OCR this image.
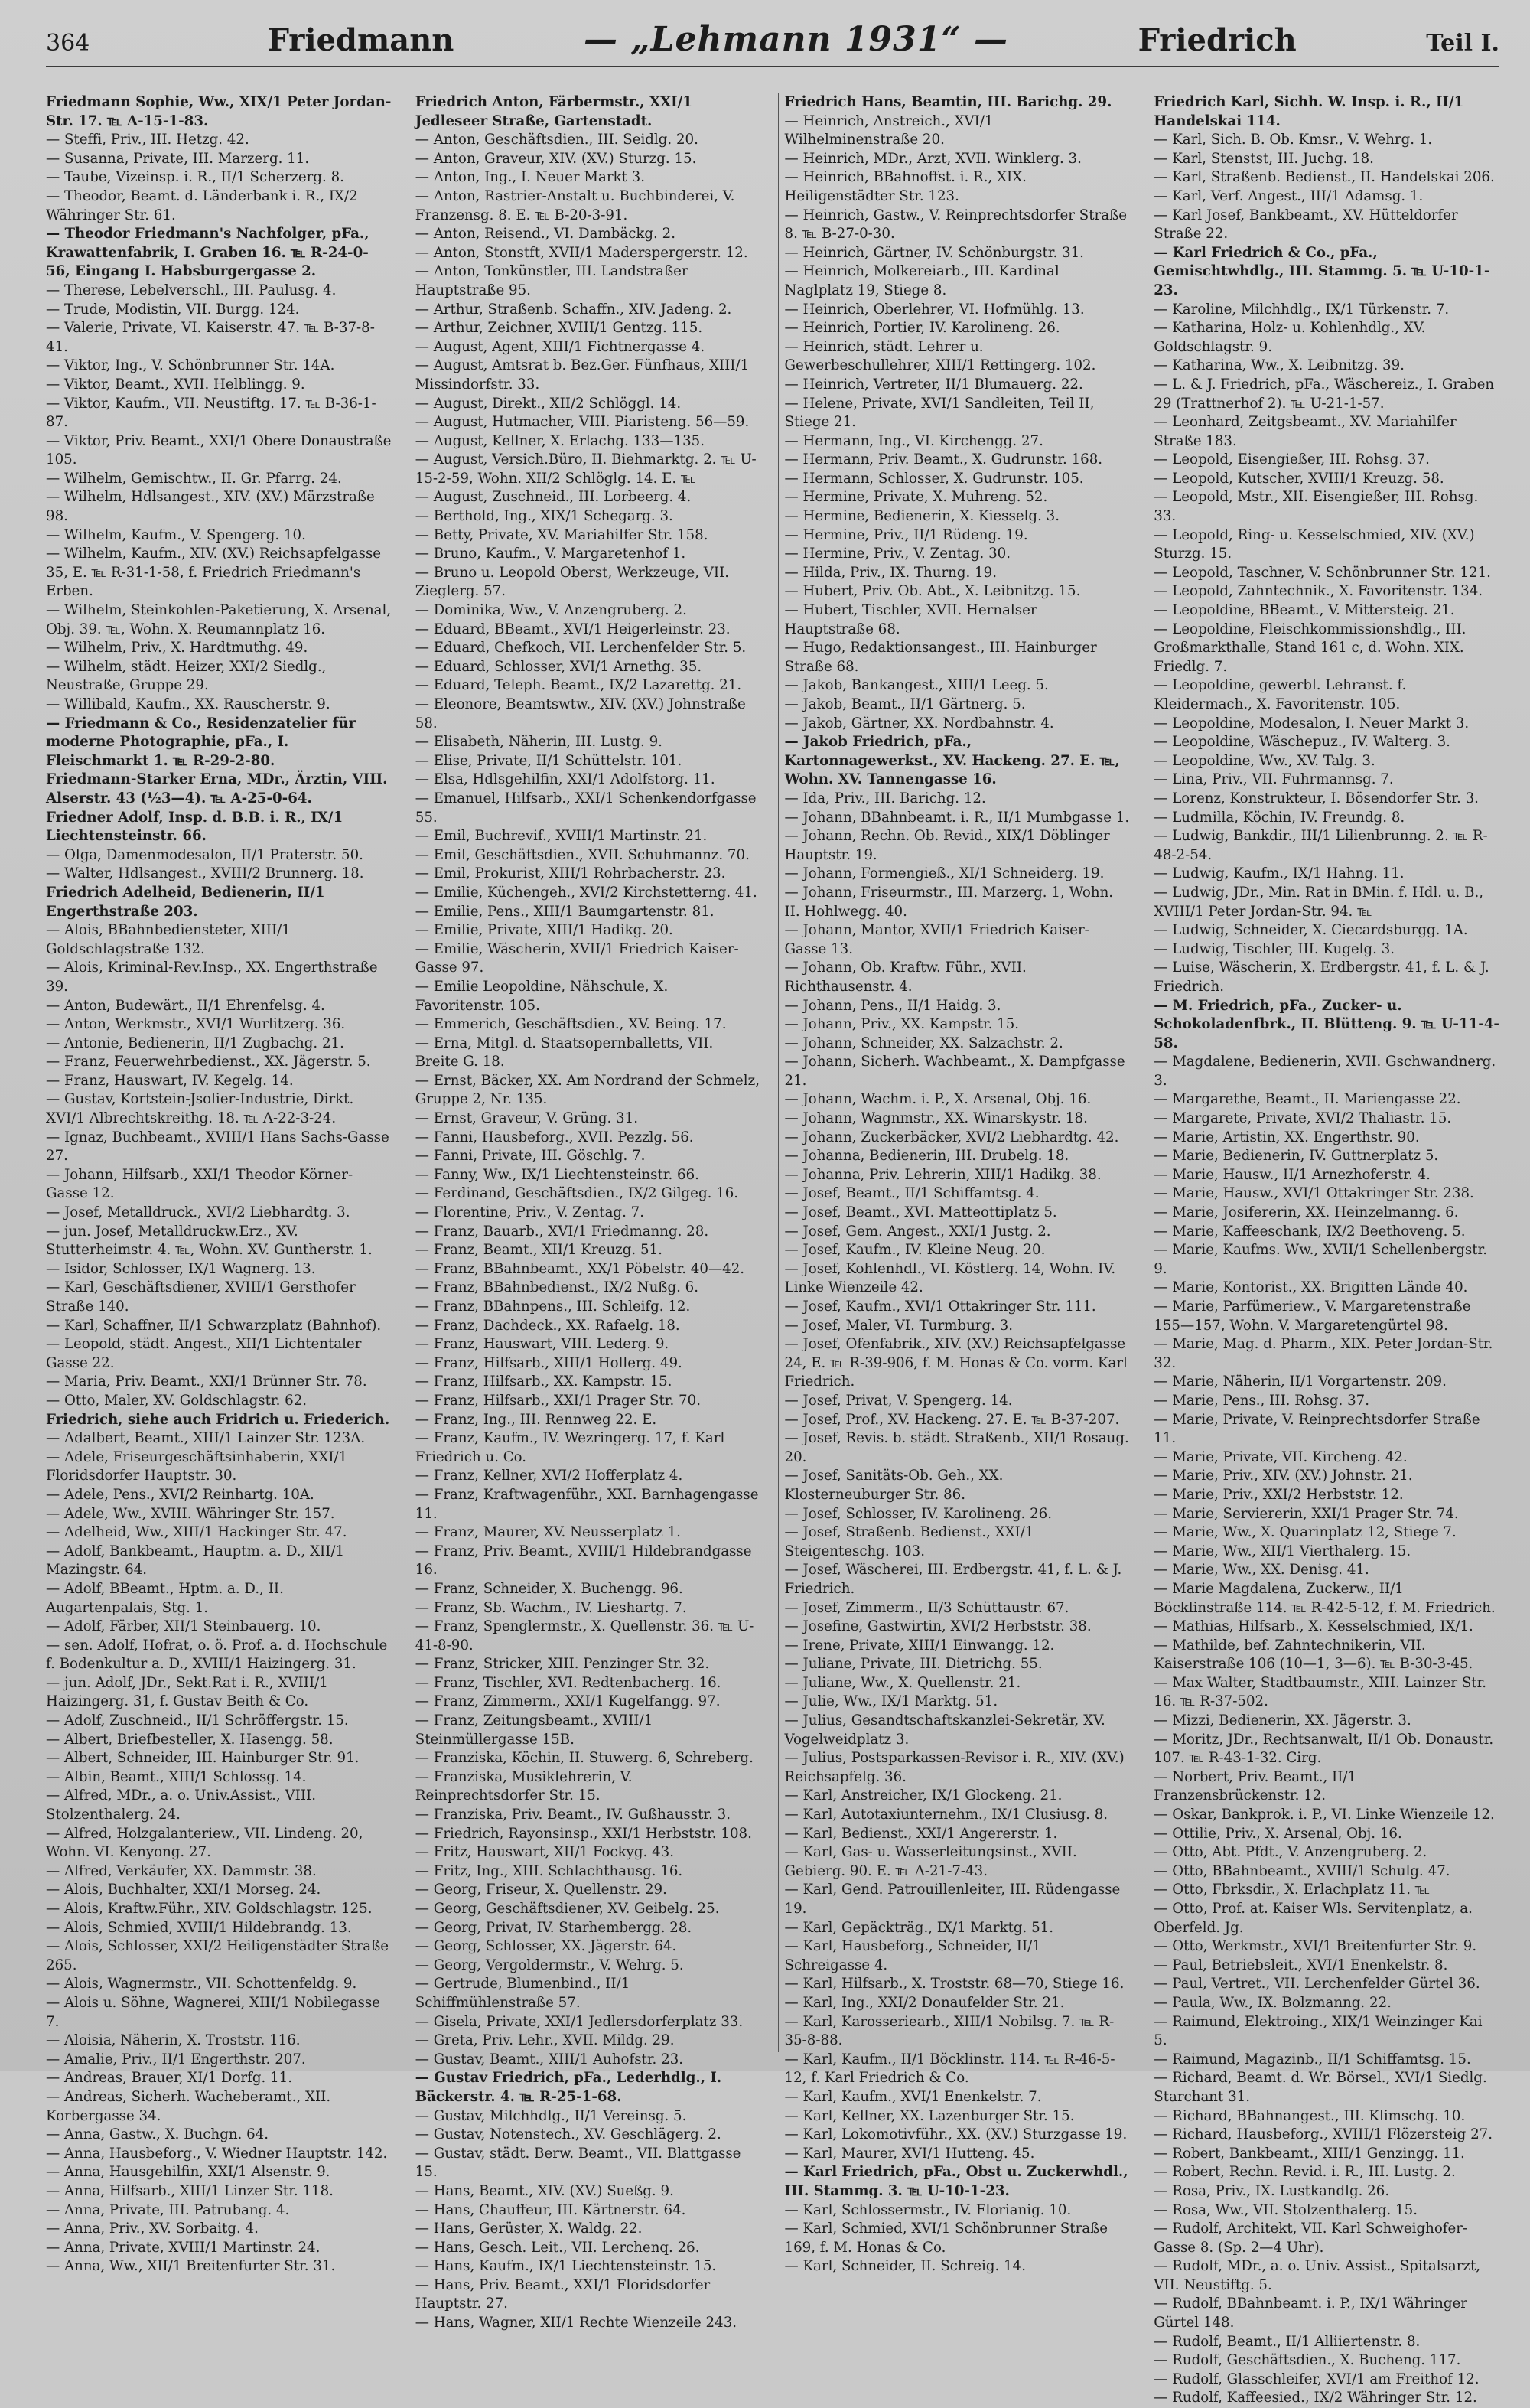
364	Friedmann	— „Lehmann 1931“ —	Friedrich	Teil I.

Friedmann Sophie, Ww., XIX/1 Peter Jordan-Str. 17. ℡ A-15-1-83.

— Steffi, Priv., III. Hetzg. 42.

— Susanna, Private, III. Marzerg. 11.

— Taube, Vizeinsp. i. R., II/1 Scherzerg. 8.

— Theodor, Beamt. d. Länderbank i. R., IX/2 Währinger Str. 61.

— Theodor Friedmann's Nachfolger, pFa., Krawattenfabrik, I. Graben 16. ℡ R-24-0-56, Eingang I. Habsburgergasse 2.

— Therese, Lebelverschl., III. Paulusg. 4.

— Trude, Modistin, VII. Burgg. 124.

— Valerie, Private, VI. Kaiserstr. 47. ℡ B-37-8-41.

— Viktor, Ing., V. Schönbrunner Str. 14A.

— Viktor, Beamt., XVII. Helblingg. 9.

— Viktor, Kaufm., VII. Neustiftg. 17. ℡ B-36-1-87.

— Viktor, Priv. Beamt., XXI/1 Obere Donaustraße 105.

— Wilhelm, Gemischtw., II. Gr. Pfarrg. 24.

— Wilhelm, Hdlsangest., XIV. (XV.) Märzstraße 98.

— Wilhelm, Kaufm., V. Spengerg. 10.

— Wilhelm, Kaufm., XIV. (XV.) Reichsapfelgasse 35, E. ℡ R-31-1-58, f. Friedrich Friedmann's Erben.

— Wilhelm, Steinkohlen-Paketierung, X. Arsenal, Obj. 39. ℡, Wohn. X. Reumannplatz 16.

— Wilhelm, Priv., X. Hardtmuthg. 49.

— Wilhelm, städt. Heizer, XXI/2 Siedlg., Neustraße, Gruppe 29.

— Willibald, Kaufm., XX. Rauscherstr. 9.

— Friedmann & Co., Residenzatelier für moderne Photographie, pFa., I. Fleischmarkt 1. ℡ R-29-2-80.

Friedmann-Starker Erna, MDr., Ärztin, VIII. Alserstr. 43 (½3—4). ℡ A-25-0-64.

Friedner Adolf, Insp. d. B.B. i. R., IX/1 Liechtensteinstr. 66.

— Olga, Damenmodesalon, II/1 Praterstr. 50.

— Walter, Hdlsangest., XVIII/2 Brunnerg. 18.

Friedrich Adelheid, Bedienerin, II/1 Engerthstraße 203.

— Alois, BBahnbediensteter, XIII/1 Goldschlagstraße 132.

— Alois, Kriminal-Rev.Insp., XX. Engerthstraße 39.

— Anton, Budewärt., II/1 Ehrenfelsg. 4.

— Anton, Werkmstr., XVI/1 Wurlitzerg. 36.

— Antonie, Bedienerin, II/1 Zugbachg. 21.

— Franz, Feuerwehrbedienst., XX. Jägerstr. 5.

— Franz, Hauswart, IV. Kegelg. 14.

— Gustav, Kortstein-Jsolier-Industrie, Dirkt. XVI/1 Albrechtskreithg. 18. ℡ A-22-3-24.

— Ignaz, Buchbeamt., XVIII/1 Hans Sachs-Gasse 27.

— Johann, Hilfsarb., XXI/1 Theodor Körner-Gasse 12.

— Josef, Metalldruck., XVI/2 Liebhardtg. 3.

— jun. Josef, Metalldruckw.Erz., XV. Stutterheimstr. 4. ℡, Wohn. XV. Guntherstr. 1.

— Isidor, Schlosser, IX/1 Wagnerg. 13.

— Karl, Geschäftsdiener, XVIII/1 Gersthofer Straße 140.

— Karl, Schaffner, II/1 Schwarzplatz (Bahnhof).

— Leopold, städt. Angest., XII/1 Lichtentaler Gasse 22.

— Maria, Priv. Beamt., XXI/1 Brünner Str. 78.

— Otto, Maler, XV. Goldschlagstr. 62.

Friedrich, siehe auch Fridrich u. Friederich.

— Adalbert, Beamt., XIII/1 Lainzer Str. 123A.

— Adele, Friseurgeschäftsinhaberin, XXI/1 Floridsdorfer Hauptstr. 30.

— Adele, Pens., XVI/2 Reinhartg. 10A.

— Adele, Ww., XVIII. Währinger Str. 157.

— Adelheid, Ww., XIII/1 Hackinger Str. 47.

— Adolf, Bankbeamt., Hauptm. a. D., XII/1 Mazingstr. 64.

— Adolf, BBeamt., Hptm. a. D., II. Augartenpalais, Stg. 1.

— Adolf, Färber, XII/1 Steinbauerg. 10.

— sen. Adolf, Hofrat, o. ö. Prof. a. d. Hochschule f. Bodenkultur a. D., XVIII/1 Haizingerg. 31.

— jun. Adolf, JDr., Sekt.Rat i. R., XVIII/1 Haizingerg. 31, f. Gustav Beith & Co.

— Adolf, Zuschneid., II/1 Schröffergstr. 15.

— Albert, Briefbesteller, X. Hasengg. 58.

— Albert, Schneider, III. Hainburger Str. 91.

— Albin, Beamt., XIII/1 Schlossg. 14.

— Alfred, MDr., a. o. Univ.Assist., VIII. Stolzenthalerg. 24.

— Alfred, Holzgalanteriew., VII. Lindeng. 20, Wohn. VI. Kenyong. 27.

— Alfred, Verkäufer, XX. Dammstr. 38.

— Alois, Buchhalter, XXI/1 Morseg. 24.

— Alois, Kraftw.Führ., XIV. Goldschlagstr. 125.

— Alois, Schmied, XVIII/1 Hildebrandg. 13.

— Alois, Schlosser, XXI/2 Heiligenstädter Straße 265.

— Alois, Wagnermstr., VII. Schottenfeldg. 9.

— Alois u. Söhne, Wagnerei, XIII/1 Nobilegasse 7.

— Aloisia, Näherin, X. Troststr. 116.

— Amalie, Priv., II/1 Engerthstr. 207.

— Andreas, Brauer, XI/1 Dorfg. 11.

— Andreas, Sicherh. Wacheberamt., XII. Korbergasse 34.

— Anna, Gastw., X. Buchgn. 64.

— Anna, Hausbeforg., V. Wiedner Hauptstr. 142.

— Anna, Hausgehilfin, XXI/1 Alsenstr. 9.

— Anna, Hilfsarb., XIII/1 Linzer Str. 118.

— Anna, Private, III. Patrubang. 4.

— Anna, Priv., XV. Sorbaitg. 4.

— Anna, Private, XVIII/1 Martinstr. 24.

— Anna, Ww., XII/1 Breitenfurter Str. 31.

Friedrich Anton, Färbermstr., XXI/1 Jedleseer Straße, Gartenstadt.

— Anton, Geschäftsdien., III. Seidlg. 20.

— Anton, Graveur, XIV. (XV.) Sturzg. 15.

— Anton, Ing., I. Neuer Markt 3.

— Anton, Rastrier-Anstalt u. Buchbinderei, V. Franzensg. 8. E. ℡ B-20-3-91.

— Anton, Reisend., VI. Dambäckg. 2.

— Anton, Stonstft, XVII/1 Maderspergerstr. 12.

— Anton, Tonkünstler, III. Landstraßer Hauptstraße 95.

— Arthur, Straßenb. Schaffn., XIV. Jadeng. 2.

— Arthur, Zeichner, XVIII/1 Gentzg. 115.

— August, Agent, XIII/1 Fichtnergasse 4.

— August, Amtsrat b. Bez.Ger. Fünfhaus, XIII/1 Missindorfstr. 33.

— August, Direkt., XII/2 Schlöggl. 14.

— August, Hutmacher, VIII. Piaristeng. 56—59.

— August, Kellner, X. Erlachg. 133—135.

— August, Versich.Büro, II. Biehmarktg. 2. ℡ U-15-2-59, Wohn. XII/2 Schlöglg. 14. E. ℡

— August, Zuschneid., III. Lorbeerg. 4.

— Berthold, Ing., XIX/1 Schegarg. 3.

— Betty, Private, XV. Mariahilfer Str. 158.

— Bruno, Kaufm., V. Margaretenhof 1.

— Bruno u. Leopold Oberst, Werkzeuge, VII. Zieglerg. 57.

— Dominika, Ww., V. Anzengruberg. 2.

— Eduard, BBeamt., XVI/1 Heigerleinstr. 23.

— Eduard, Chefkoch, VII. Lerchenfelder Str. 5.

— Eduard, Schlosser, XVI/1 Arnethg. 35.

— Eduard, Teleph. Beamt., IX/2 Lazarettg. 21.

— Eleonore, Beamtswtw., XIV. (XV.) Johnstraße 58.

— Elisabeth, Näherin, III. Lustg. 9.

— Elise, Private, II/1 Schüttelstr. 101.

— Elsa, Hdlsgehilfin, XXI/1 Adolfstorg. 11.

— Emanuel, Hilfsarb., XXI/1 Schenkendorfgasse 55.

— Emil, Buchrevif., XVIII/1 Martinstr. 21.

— Emil, Geschäftsdien., XVII. Schuhmannz. 70.

— Emil, Prokurist, XIII/1 Rohrbacherstr. 23.

— Emilie, Küchengeh., XVI/2 Kirchstetterng. 41.

— Emilie, Pens., XIII/1 Baumgartenstr. 81.

— Emilie, Private, XIII/1 Hadikg. 20.

— Emilie, Wäscherin, XVII/1 Friedrich Kaiser-Gasse 97.

— Emilie Leopoldine, Nähschule, X. Favoritenstr. 105.

— Emmerich, Geschäftsdien., XV. Being. 17.

— Erna, Mitgl. d. Staatsopernballetts, VII. Breite G. 18.

— Ernst, Bäcker, XX. Am Nordrand der Schmelz, Gruppe 2, Nr. 135.

— Ernst, Graveur, V. Grüng. 31.

— Fanni, Hausbeforg., XVII. Pezzlg. 56.

— Fanni, Private, III. Göschlg. 7.

— Fanny, Ww., IX/1 Liechtensteinstr. 66.

— Ferdinand, Geschäftsdien., IX/2 Gilgeg. 16.

— Florentine, Priv., V. Zentag. 7.

— Franz, Bauarb., XVI/1 Friedmanng. 28.

— Franz, Beamt., XII/1 Kreuzg. 51.

— Franz, BBahnbeamt., XX/1 Pöbelstr. 40—42.

— Franz, BBahnbedienst., IX/2 Nußg. 6.

— Franz, BBahnpens., III. Schleifg. 12.

— Franz, Dachdeck., XX. Rafaelg. 18.

— Franz, Hauswart, VIII. Lederg. 9.

— Franz, Hilfsarb., XIII/1 Hollerg. 49.

— Franz, Hilfsarb., XX. Kampstr. 15.

— Franz, Hilfsarb., XXI/1 Prager Str. 70.

— Franz, Ing., III. Rennweg 22. E.

— Franz, Kaufm., IV. Wezringerg. 17, f. Karl Friedrich u. Co.

— Franz, Kellner, XVI/2 Hofferplatz 4.

— Franz, Kraftwagenführ., XXI. Barnhagengasse 11.

— Franz, Maurer, XV. Neusserplatz 1.

— Franz, Priv. Beamt., XVIII/1 Hildebrandgasse 16.

— Franz, Schneider, X. Buchengg. 96.

— Franz, Sb. Wachm., IV. Lieshartg. 7.

— Franz, Spenglermstr., X. Quellenstr. 36. ℡ U-41-8-90.

— Franz, Stricker, XIII. Penzinger Str. 32.

— Franz, Tischler, XVI. Redtenbacherg. 16.

— Franz, Zimmerm., XXI/1 Kugelfangg. 97.

— Franz, Zeitungsbeamt., XVIII/1 Steinmüllergasse 15B.

— Franziska, Köchin, II. Stuwerg. 6, Schreberg.

— Franziska, Musiklehrerin, V. Reinprechtsdorfer Str. 15.

— Franziska, Priv. Beamt., IV. Gußhausstr. 3.

— Friedrich, Rayonsinsp., XXI/1 Herbststr. 108.

— Fritz, Hauswart, XII/1 Fockyg. 43.

— Fritz, Ing., XIII. Schlachthausg. 16.

— Georg, Friseur, X. Quellenstr. 29.

— Georg, Geschäftsdiener, XV. Geibelg. 25.

— Georg, Privat, IV. Starhembergg. 28.

— Georg, Schlosser, XX. Jägerstr. 64.

— Georg, Vergoldermstr., V. Wehrg. 5.

— Gertrude, Blumenbind., II/1 Schiffmühlenstraße 57.

— Gisela, Private, XXI/1 Jedlersdorferplatz 33.

— Greta, Priv. Lehr., XVII. Mildg. 29.

— Gustav, Beamt., XIII/1 Auhofstr. 23.

— Gustav Friedrich, pFa., Lederhdlg., I. Bäckerstr. 4. ℡ R-25-1-68.

— Gustav, Milchhdlg., II/1 Vereinsg. 5.

— Gustav, Notenstech., XV. Geschlägerg. 2.

— Gustav, städt. Berw. Beamt., VII. Blattgasse 15.

— Hans, Beamt., XIV. (XV.) Sueßg. 9.

— Hans, Chauffeur, III. Kärtnerstr. 64.

— Hans, Gerüster, X. Waldg. 22.

— Hans, Gesch. Leit., VII. Lerchenq. 26.

— Hans, Kaufm., IX/1 Liechtensteinstr. 15.

— Hans, Priv. Beamt., XXI/1 Floridsdorfer Hauptstr. 27.

— Hans, Wagner, XII/1 Rechte Wienzeile 243.

Friedrich Hans, Beamtin, III. Barichg. 29.

— Heinrich, Anstreich., XVI/1 Wilhelminenstraße 20.

— Heinrich, MDr., Arzt, XVII. Winklerg. 3.

— Heinrich, BBahnoffst. i. R., XIX. Heiligenstädter Str. 123.

— Heinrich, Gastw., V. Reinprechtsdorfer Straße 8. ℡ B-27-0-30.

— Heinrich, Gärtner, IV. Schönburgstr. 31.

— Heinrich, Molkereiarb., III. Kardinal Naglplatz 19, Stiege 8.

— Heinrich, Oberlehrer, VI. Hofmühlg. 13.

— Heinrich, Portier, IV. Karolineng. 26.

— Heinrich, städt. Lehrer u. Gewerbeschullehrer, XIII/1 Rettingerg. 102.

— Heinrich, Vertreter, II/1 Blumauerg. 22.

— Helene, Private, XVI/1 Sandleiten, Teil II, Stiege 21.

— Hermann, Ing., VI. Kirchengg. 27.

— Hermann, Priv. Beamt., X. Gudrunstr. 168.

— Hermann, Schlosser, X. Gudrunstr. 105.

— Hermine, Private, X. Muhreng. 52.

— Hermine, Bedienerin, X. Kiesselg. 3.

— Hermine, Priv., II/1 Rüdeng. 19.

— Hermine, Priv., V. Zentag. 30.

— Hilda, Priv., IX. Thurng. 19.

— Hubert, Priv. Ob. Abt., X. Leibnitzg. 15.

— Hubert, Tischler, XVII. Hernalser Hauptstraße 68.

— Hugo, Redaktionsangest., III. Hainburger Straße 68.

— Jakob, Bankangest., XIII/1 Leeg. 5.

— Jakob, Beamt., II/1 Gärtnerg. 5.

— Jakob, Gärtner, XX. Nordbahnstr. 4.

— Jakob Friedrich, pFa., Kartonnagewerkst., XV. Hackeng. 27. E. ℡, Wohn. XV. Tannengasse 16.

— Ida, Priv., III. Barichg. 12.

— Johann, BBahnbeamt. i. R., II/1 Mumbgasse 1.

— Johann, Rechn. Ob. Revid., XIX/1 Döblinger Hauptstr. 19.

— Johann, Formengieß., XI/1 Schneiderg. 19.

— Johann, Friseurmstr., III. Marzerg. 1, Wohn. II. Hohlwegg. 40.

— Johann, Mantor, XVII/1 Friedrich Kaiser-Gasse 13.

— Johann, Ob. Kraftw. Führ., XVII. Richthausenstr. 4.

— Johann, Pens., II/1 Haidg. 3.

— Johann, Priv., XX. Kampstr. 15.

— Johann, Schneider, XX. Salzachstr. 2.

— Johann, Sicherh. Wachbeamt., X. Dampfgasse 21.

— Johann, Wachm. i. P., X. Arsenal, Obj. 16.

— Johann, Wagnmstr., XX. Winarskystr. 18.

— Johann, Zuckerbäcker, XVI/2 Liebhardtg. 42.

— Johanna, Bedienerin, III. Drubelg. 18.

— Johanna, Priv. Lehrerin, XIII/1 Hadikg. 38.

— Josef, Beamt., II/1 Schiffamtsg. 4.

— Josef, Beamt., XVI. Matteottiplatz 5.

— Josef, Gem. Angest., XXI/1 Justg. 2.

— Josef, Kaufm., IV. Kleine Neug. 20.

— Josef, Kohlenhdl., VI. Köstlerg. 14, Wohn. IV. Linke Wienzeile 42.

— Josef, Kaufm., XVI/1 Ottakringer Str. 111.

— Josef, Maler, VI. Turmburg. 3.

— Josef, Ofenfabrik., XIV. (XV.) Reichsapfelgasse 24, E. ℡ R-39-906, f. M. Honas & Co. vorm. Karl Friedrich.

— Josef, Privat, V. Spengerg. 14.

— Josef, Prof., XV. Hackeng. 27. E. ℡ B-37-207.

— Josef, Revis. b. städt. Straßenb., XII/1 Rosaug. 20.

— Josef, Sanitäts-Ob. Geh., XX. Klosterneuburger Str. 86.

— Josef, Schlosser, IV. Karolineng. 26.

— Josef, Straßenb. Bedienst., XXI/1 Steigenteschg. 103.

— Josef, Wäscherei, III. Erdbergstr. 41, f. L. & J. Friedrich.

— Josef, Zimmerm., II/3 Schüttaustr. 67.

— Josefine, Gastwirtin, XVI/2 Herbststr. 38.

— Irene, Private, XIII/1 Einwangg. 12.

— Juliane, Private, III. Dietrichg. 55.

— Juliane, Ww., X. Quellenstr. 21.

— Julie, Ww., IX/1 Marktg. 51.

— Julius, Gesandtschaftskanzlei-Sekretär, XV. Vogelweidplatz 3.

— Julius, Postsparkassen-Revisor i. R., XIV. (XV.) Reichsapfelg. 36.

— Karl, Anstreicher, IX/1 Glockeng. 21.

— Karl, Autotaxiunternehm., IX/1 Clusiusg. 8.

— Karl, Bedienst., XXI/1 Angererstr. 1.

— Karl, Gas- u. Wasserleitungsinst., XVII. Gebierg. 90. E. ℡ A-21-7-43.

— Karl, Gend. Patrouillenleiter, III. Rüdengasse 19.

— Karl, Gepäckträg., IX/1 Marktg. 51.

— Karl, Hausbeforg., Schneider, II/1 Schreigasse 4.

— Karl, Hilfsarb., X. Troststr. 68—70, Stiege 16.

— Karl, Ing., XXI/2 Donaufelder Str. 21.

— Karl, Karosseriearb., XIII/1 Nobilsg. 7. ℡ R-35-8-88.

— Karl, Kaufm., II/1 Böcklinstr. 114. ℡ R-46-5-12, f. Karl Friedrich & Co.

— Karl, Kaufm., XVI/1 Enenkelstr. 7.

— Karl, Kellner, XX. Lazenburger Str. 15.

— Karl, Lokomotivführ., XX. (XV.) Sturzgasse 19.

— Karl, Maurer, XVI/1 Hutteng. 45.

— Karl Friedrich, pFa., Obst u. Zuckerwhdl., III. Stammg. 3. ℡ U-10-1-23.

— Karl, Schlossermstr., IV. Florianig. 10.

— Karl, Schmied, XVI/1 Schönbrunner Straße 169, f. M. Honas & Co.

— Karl, Schneider, II. Schreig. 14.

Friedrich Karl, Sichh. W. Insp. i. R., II/1 Handelskai 114.

— Karl, Sich. B. Ob. Kmsr., V. Wehrg. 1.

— Karl, Stenstst, III. Juchg. 18.

— Karl, Straßenb. Bedienst., II. Handelskai 206.

— Karl, Verf. Angest., III/1 Adamsg. 1.

— Karl Josef, Bankbeamt., XV. Hütteldorfer Straße 22.

— Karl Friedrich & Co., pFa., Gemischtwhdlg., III. Stammg. 5. ℡ U-10-1-23.

— Karoline, Milchhdlg., IX/1 Türkenstr. 7.

— Katharina, Holz- u. Kohlenhdlg., XV. Goldschlagstr. 9.

— Katharina, Ww., X. Leibnitzg. 39.

— L. & J. Friedrich, pFa., Wäschereiz., I. Graben 29 (Trattnerhof 2). ℡ U-21-1-57.

— Leonhard, Zeitgsbeamt., XV. Mariahilfer Straße 183.

— Leopold, Eisengießer, III. Rohsg. 37.

— Leopold, Kutscher, XVIII/1 Kreuzg. 58.

— Leopold, Mstr., XII. Eisengießer, III. Rohsg. 33.

— Leopold, Ring- u. Kesselschmied, XIV. (XV.) Sturzg. 15.

— Leopold, Taschner, V. Schönbrunner Str. 121.

— Leopold, Zahntechnik., X. Favoritenstr. 134.

— Leopoldine, BBeamt., V. Mittersteig. 21.

— Leopoldine, Fleischkommissionshdlg., III. Großmarkthalle, Stand 161 c, d. Wohn. XIX. Friedlg. 7.

— Leopoldine, gewerbl. Lehranst. f. Kleidermach., X. Favoritenstr. 105.

— Leopoldine, Modesalon, I. Neuer Markt 3.

— Leopoldine, Wäschepuz., IV. Walterg. 3.

— Leopoldine, Ww., XV. Talg. 3.

— Lina, Priv., VII. Fuhrmannsg. 7.

— Lorenz, Konstrukteur, I. Bösendorfer Str. 3.

— Ludmilla, Köchin, IV. Freundg. 8.

— Ludwig, Bankdir., III/1 Lilienbrunng. 2. ℡ R-48-2-54.

— Ludwig, Kaufm., IX/1 Hahng. 11.

— Ludwig, JDr., Min. Rat in BMin. f. Hdl. u. B., XVIII/1 Peter Jordan-Str. 94. ℡

— Ludwig, Schneider, X. Ciecardsburgg. 1A.

— Ludwig, Tischler, III. Kugelg. 3.

— Luise, Wäscherin, X. Erdbergstr. 41, f. L. & J. Friedrich.

— M. Friedrich, pFa., Zucker- u. Schokoladenfbrk., II. Blütteng. 9. ℡ U-11-4-58.

— Magdalene, Bedienerin, XVII. Gschwandnerg. 3.

— Margarethe, Beamt., II. Mariengasse 22.

— Margarete, Private, XVI/2 Thaliastr. 15.

— Marie, Artistin, XX. Engerthstr. 90.

— Marie, Bedienerin, IV. Guttnerplatz 5.

— Marie, Hausw., II/1 Arnezhoferstr. 4.

— Marie, Hausw., XVI/1 Ottakringer Str. 238.

— Marie, Josifererin, XX. Heinzelmanng. 6.

— Marie, Kaffeeschank, IX/2 Beethoveng. 5.

— Marie, Kaufms. Ww., XVII/1 Schellenbergstr. 9.

— Marie, Kontorist., XX. Brigitten Lände 40.

— Marie, Parfümeriew., V. Margaretenstraße 155—157, Wohn. V. Margaretengürtel 98.

— Marie, Mag. d. Pharm., XIX. Peter Jordan-Str. 32.

— Marie, Näherin, II/1 Vorgartenstr. 209.

— Marie, Pens., III. Rohsg. 37.

— Marie, Private, V. Reinprechtsdorfer Straße 11.

— Marie, Private, VII. Kircheng. 42.

— Marie, Priv., XIV. (XV.) Johnstr. 21.

— Marie, Priv., XXI/2 Herbststr. 12.

— Marie, Serviererin, XXI/1 Prager Str. 74.

— Marie, Ww., X. Quarinplatz 12, Stiege 7.

— Marie, Ww., XII/1 Vierthalerg. 15.

— Marie, Ww., XX. Denisg. 41.

— Marie Magdalena, Zuckerw., II/1 Böcklinstraße 114. ℡ R-42-5-12, f. M. Friedrich.

— Mathias, Hilfsarb., X. Kesselschmied, IX/1.

— Mathilde, bef. Zahntechnikerin, VII. Kaiserstraße 106 (10—1, 3—6). ℡ B-30-3-45.

— Max Walter, Stadtbaumstr., XIII. Lainzer Str. 16. ℡ R-37-502.

— Mizzi, Bedienerin, XX. Jägerstr. 3.

— Moritz, JDr., Rechtsanwalt, II/1 Ob. Donaustr. 107. ℡ R-43-1-32. Cirg.

— Norbert, Priv. Beamt., II/1 Franzensbrückenstr. 12.

— Oskar, Bankprok. i. P., VI. Linke Wienzeile 12.

— Ottilie, Priv., X. Arsenal, Obj. 16.

— Otto, Abt. Pfdt., V. Anzengruberg. 2.

— Otto, BBahnbeamt., XVIII/1 Schulg. 47.

— Otto, Fbrksdir., X. Erlachplatz 11. ℡

— Otto, Prof. at. Kaiser Wls. Servitenplatz, a. Oberfeld. Jg.

— Otto, Werkmstr., XVI/1 Breitenfurter Str. 9.

— Paul, Betriebsleit., XVI/1 Enenkelstr. 8.

— Paul, Vertret., VII. Lerchenfelder Gürtel 36.

— Paula, Ww., IX. Bolzmanng. 22.

— Raimund, Elektroing., XIX/1 Weinzinger Kai 5.

— Raimund, Magazinb., II/1 Schiffamtsg. 15.

— Richard, Beamt. d. Wr. Börsel., XVI/1 Siedlg. Starchant 31.

— Richard, BBahnangest., III. Klimschg. 10.

— Richard, Hausbeforg., XVIII/1 Flözersteig 27.

— Robert, Bankbeamt., XIII/1 Genzingg. 11.

— Robert, Rechn. Revid. i. R., III. Lustg. 2.

— Rosa, Priv., IX. Lustkandlg. 26.

— Rosa, Ww., VII. Stolzenthalerg. 15.

— Rudolf, Architekt, VII. Karl Schweighofer-Gasse 8. (Sp. 2—4 Uhr).

— Rudolf, MDr., a. o. Univ. Assist., Spitalsarzt, VII. Neustiftg. 5.

— Rudolf, BBahnbeamt. i. P., IX/1 Währinger Gürtel 148.

— Rudolf, Beamt., II/1 Alliiertenstr. 8.

— Rudolf, Geschäftsdien., X. Bucheng. 117.

— Rudolf, Glasschleifer, XVI/1 am Freithof 12.

— Rudolf, Kaffeesied., IX/2 Währinger Str. 12.
